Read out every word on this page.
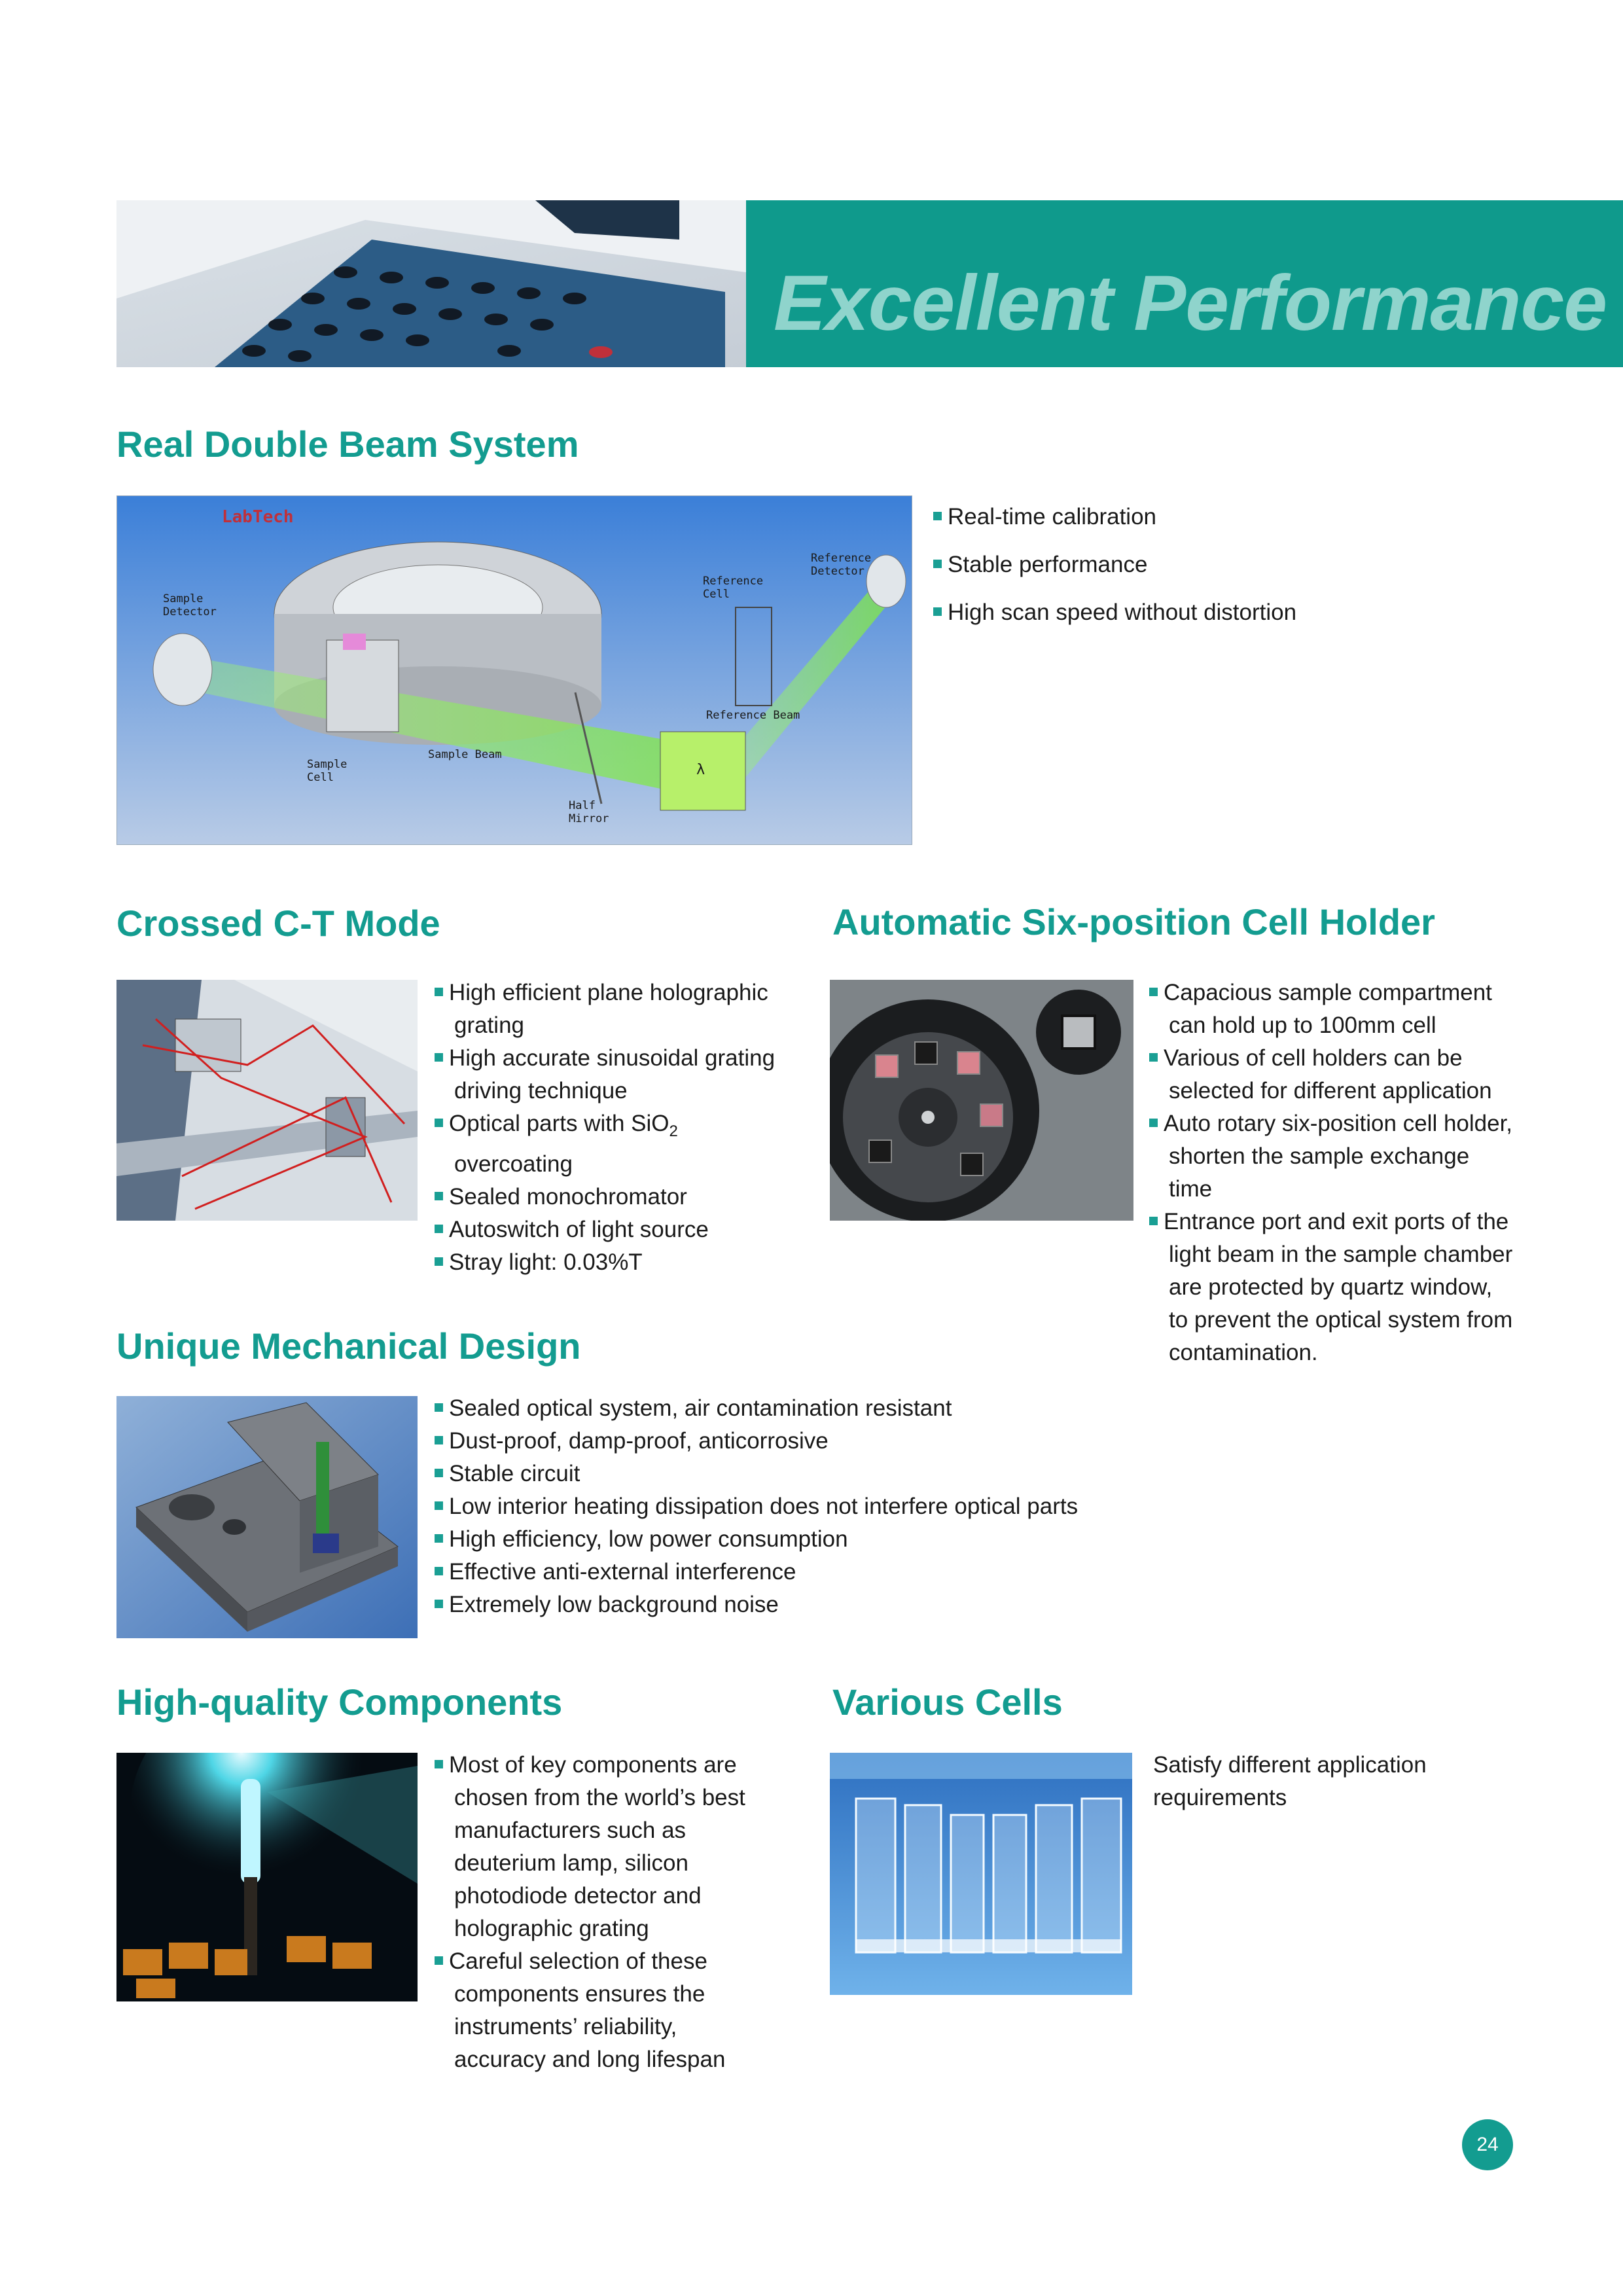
Excellent Performance
Real Double Beam System
LabTech
Sample
Detector
Reference
Cell
Reference
Detector
Reference Beam
Sample
Cell
Sample Beam
Half
Mirror
λ
Real-time calibration
Stable performance
High scan speed without distortion
Crossed C-T Mode
High efficient plane holographic grating
High accurate sinusoidal grating driving technique
Optical parts with SiO$_2$
overcoating
Sealed monochromator
Autoswitch of light source
Stray light: 0.03%T
Automatic Six-position Cell Holder
Capacious sample compartment can hold up to 100mm cell
Various of cell holders can be selected for different application
Auto rotary six-position cell holder, shorten the sample exchange time
Entrance port and exit ports of the light beam in the sample chamber are protected by quartz window, to prevent the optical system from contamination.
Unique Mechanical Design
Sealed optical system, air contamination resistant
Dust-proof, damp-proof, anticorrosive
Stable circuit
Low interior heating dissipation does not interfere optical parts
High efficiency, low power consumption
Effective anti-external interference
Extremely low background noise
High-quality Components
Most of key components are chosen from the world’s best manufacturers such as deuterium lamp, silicon photodiode detector and holographic grating
Careful selection of these components ensures the instruments’ reliability, accuracy and long lifespan
Various Cells

Satisfy different application requirements

24
